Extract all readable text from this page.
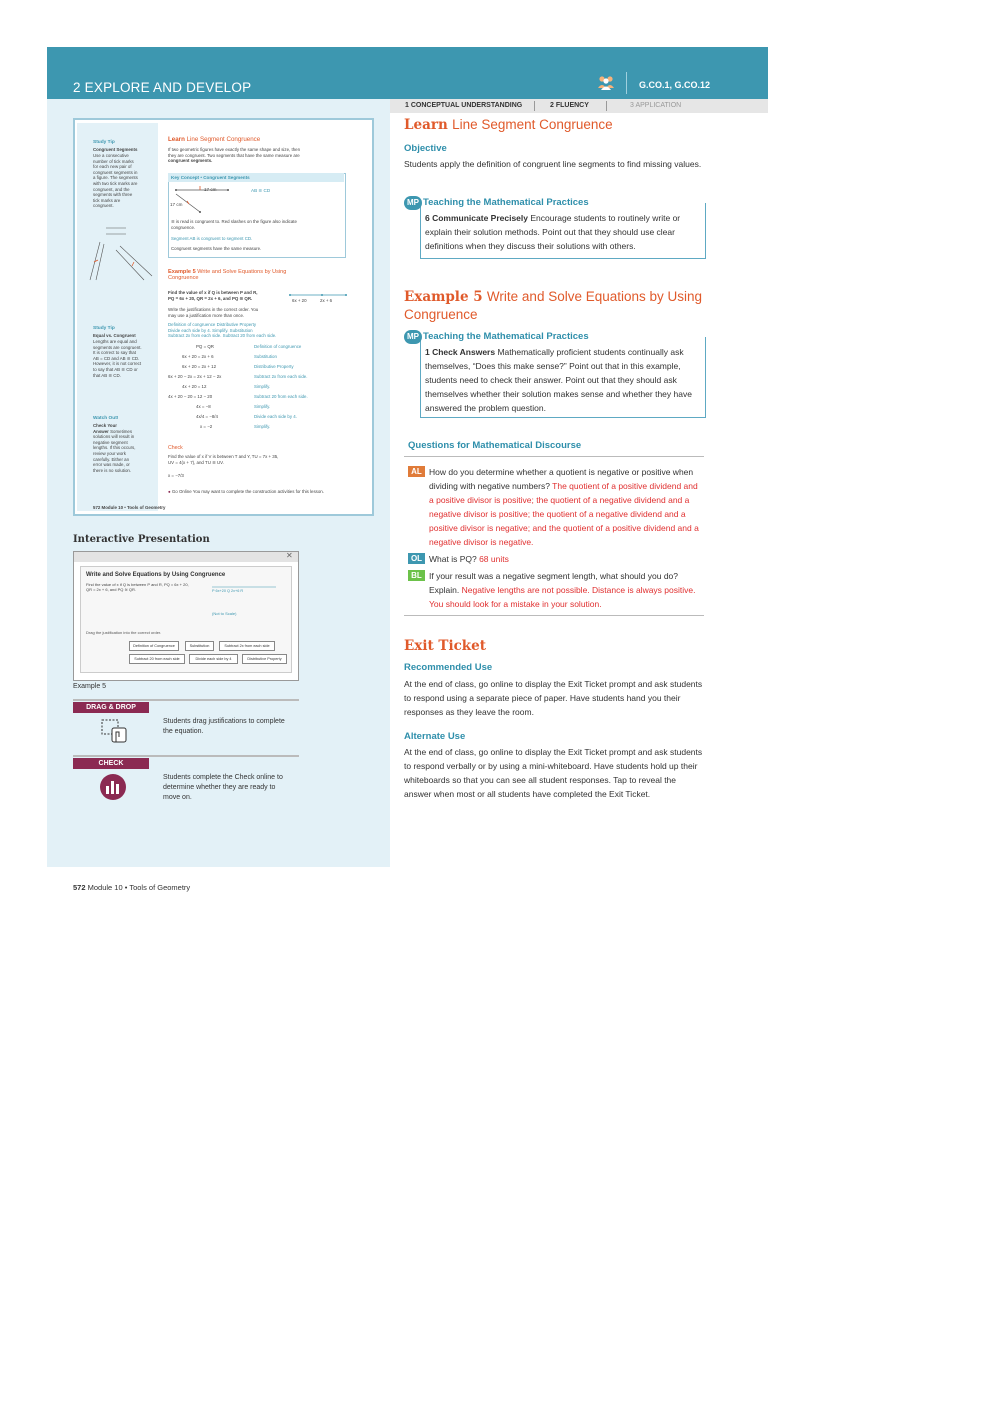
2 EXPLORE AND DEVELOP	G.CO.1, G.CO.12
1 CONCEPTUAL UNDERSTANDING	2 FLUENCY	3 APPLICATION
Study Tip
Congruent Segments
Use a consecutive
number of tick marks
for each new pair of
congruent segments in
a figure. The segments
with two tick marks are
congruent, and the
segments with three
tick marks are
congruent.
Study Tip
Equal vs. Congruent
Lengths are equal and
segments are congruent.
It is correct to say that
AB = CD and AB ≅ CD.
However, it is not correct
to say that AB ≅ CD or
that AB ≅ CD.
Watch Out!
Check Your
Answer Sometimes
solutions will result in
negative segment
lengths. If this occurs,
review your work
carefully. Either an
error was made, or
there is no solution.
Learn Line Segment Congruence
If two geometric figures have exactly the same shape and size, then
they are congruent. Two segments that have the same measure are
congruent segments.
Key Concept • Congruent Segments
17 cm
17 cm
AB ≅ CD
≅ is read is congruent to. Red slashes on the figure also indicate
congruence.
Segment AB is congruent to segment CD.
Congruent segments have the same measure.
Example 5 Write and Solve Equations by Using
Congruence
Find the value of x if Q is between P and R,
PQ = 6x + 20, QR = 2x + 6, and PQ ≅ QR.	6x + 20	2x + 6
Write the justifications in the correct order. You
may use a justification more than once.
Definition of congruence Distributive Property
Divide each side by 4. Simplify. Substitution
Subtract 2x from each side. Subtract 20 from each side.
PQ = QR	Definition of congruence
6x + 20 = 2x + 6	Substitution
6x + 20 = 2x + 12	Distributive Property
6x + 20 − 2x = 2x + 12 − 2x	Subtract 2x from each side.
4x + 20 = 12	Simplify.
4x + 20 − 20 = 12 − 20	Subtract 20 from each side.
4x = −8	Simplify.
4x/4 = −8/4	Divide each side by 4.
x = −2	Simplify.
Check
Find the value of x if V is between T and Y, TU = 7x + 35,
UV = 4(x + 7), and TU ≅ UV.
x = −7/3
● Go Online You may want to complete the construction activities for this lesson.
572 Module 10 • Tools of Geometry
Interactive Presentation
✕
Write and Solve Equations by Using Congruence
Find the value of x if Q is between P and R, PQ = 6x + 20,
QR = 2x + 6, and PQ ≅ QR.	P 6x+20 Q 2x+6 R
(Not to Scale)
Drag the justification into the correct order.
Definition of Congruence	Substitution	Subtract 2x from each side
Subtract 20 from each side	Divide each side by 4	Distributive Property
Example 5
DRAG & DROP
Students drag justifications to complete the equation.
CHECK
Students complete the Check online to determine whether they are ready to move on.
572 Module 10 • Tools of Geometry
Learn Line Segment Congruence
Objective
Students apply the definition of congruent line segments to find missing values.
MP Teaching the Mathematical Practices
6 Communicate Precisely Encourage students to routinely write or explain their solution methods. Point out that they should use clear definitions when they discuss their solutions with others.
Example 5 Write and Solve Equations by Using Congruence
MP Teaching the Mathematical Practices
1 Check Answers Mathematically proficient students continually ask themselves, “Does this make sense?” Point out that in this example, students need to check their answer. Point out that they should ask themselves whether their solution makes sense and whether they have answered the problem question.
Questions for Mathematical Discourse
AL How do you determine whether a quotient is negative or positive when dividing with negative numbers? The quotient of a positive dividend and a positive divisor is positive; the quotient of a negative dividend and a negative divisor is positive; the quotient of a negative dividend and a positive divisor is negative; and the quotient of a positive dividend and a negative divisor is negative.
OL What is PQ? 68 units
BL If your result was a negative segment length, what should you do? Explain. Negative lengths are not possible. Distance is always positive. You should look for a mistake in your solution.
Exit Ticket
Recommended Use
At the end of class, go online to display the Exit Ticket prompt and ask students to respond using a separate piece of paper. Have students hand you their responses as they leave the room.
Alternate Use
At the end of class, go online to display the Exit Ticket prompt and ask students to respond verbally or by using a mini-whiteboard. Have students hold up their whiteboards so that you can see all student responses. Tap to reveal the answer when most or all students have completed the Exit Ticket.
